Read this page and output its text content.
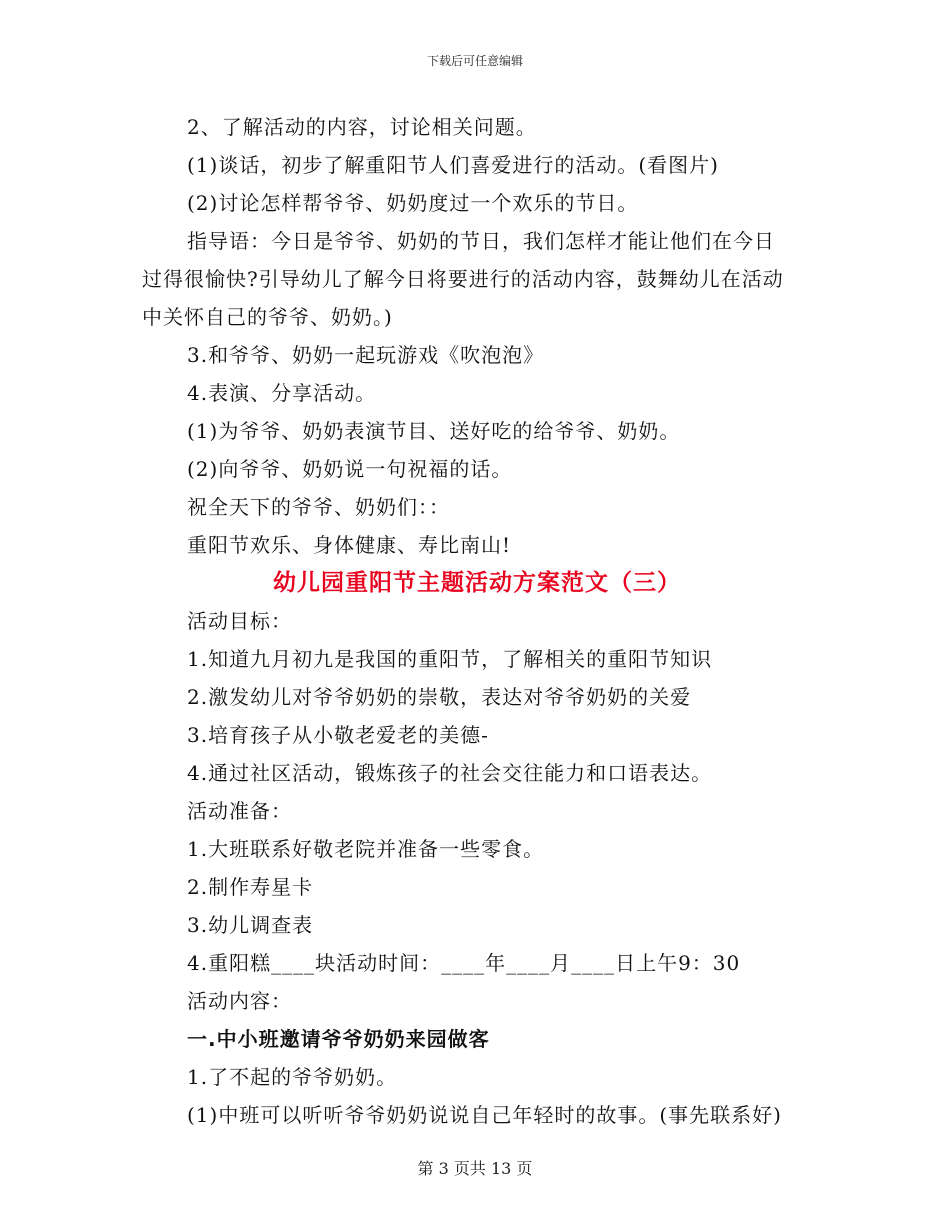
下载后可任意编辑
2、了解活动的内容，讨论相关问题。
(1)谈话，初步了解重阳节人们喜爱进行的活动。(看图片)
(2)讨论怎样帮爷爷、奶奶度过一个欢乐的节日。
指导语：今日是爷爷、奶奶的节日，我们怎样才能让他们在今日
过得很愉快?引导幼儿了解今日将要进行的活动内容，鼓舞幼儿在活动
中关怀自己的爷爷、奶奶。)
3.和爷爷、奶奶一起玩游戏《吹泡泡》
4.表演、分享活动。
(1)为爷爷、奶奶表演节目、送好吃的给爷爷、奶奶。
(2)向爷爷、奶奶说一句祝福的话。
祝全天下的爷爷、奶奶们：：
重阳节欢乐、身体健康、寿比南山!
幼儿园重阳节主题活动方案范文（三）
活动目标：
1.知道九月初九是我国的重阳节，了解相关的重阳节知识
2.激发幼儿对爷爷奶奶的崇敬，表达对爷爷奶奶的关爱
3.培育孩子从小敬老爱老的美德-
4.通过社区活动，锻炼孩子的社会交往能力和口语表达。
活动准备：
1.大班联系好敬老院并准备一些零食。
2.制作寿星卡
3.幼儿调查表
4.重阳糕____块活动时间：____年____月____日上午9：30
活动内容：
一.中小班邀请爷爷奶奶来园做客
1.了不起的爷爷奶奶。
(1)中班可以听听爷爷奶奶说说自己年轻时的故事。(事先联系好)
第 3 页共 13 页
